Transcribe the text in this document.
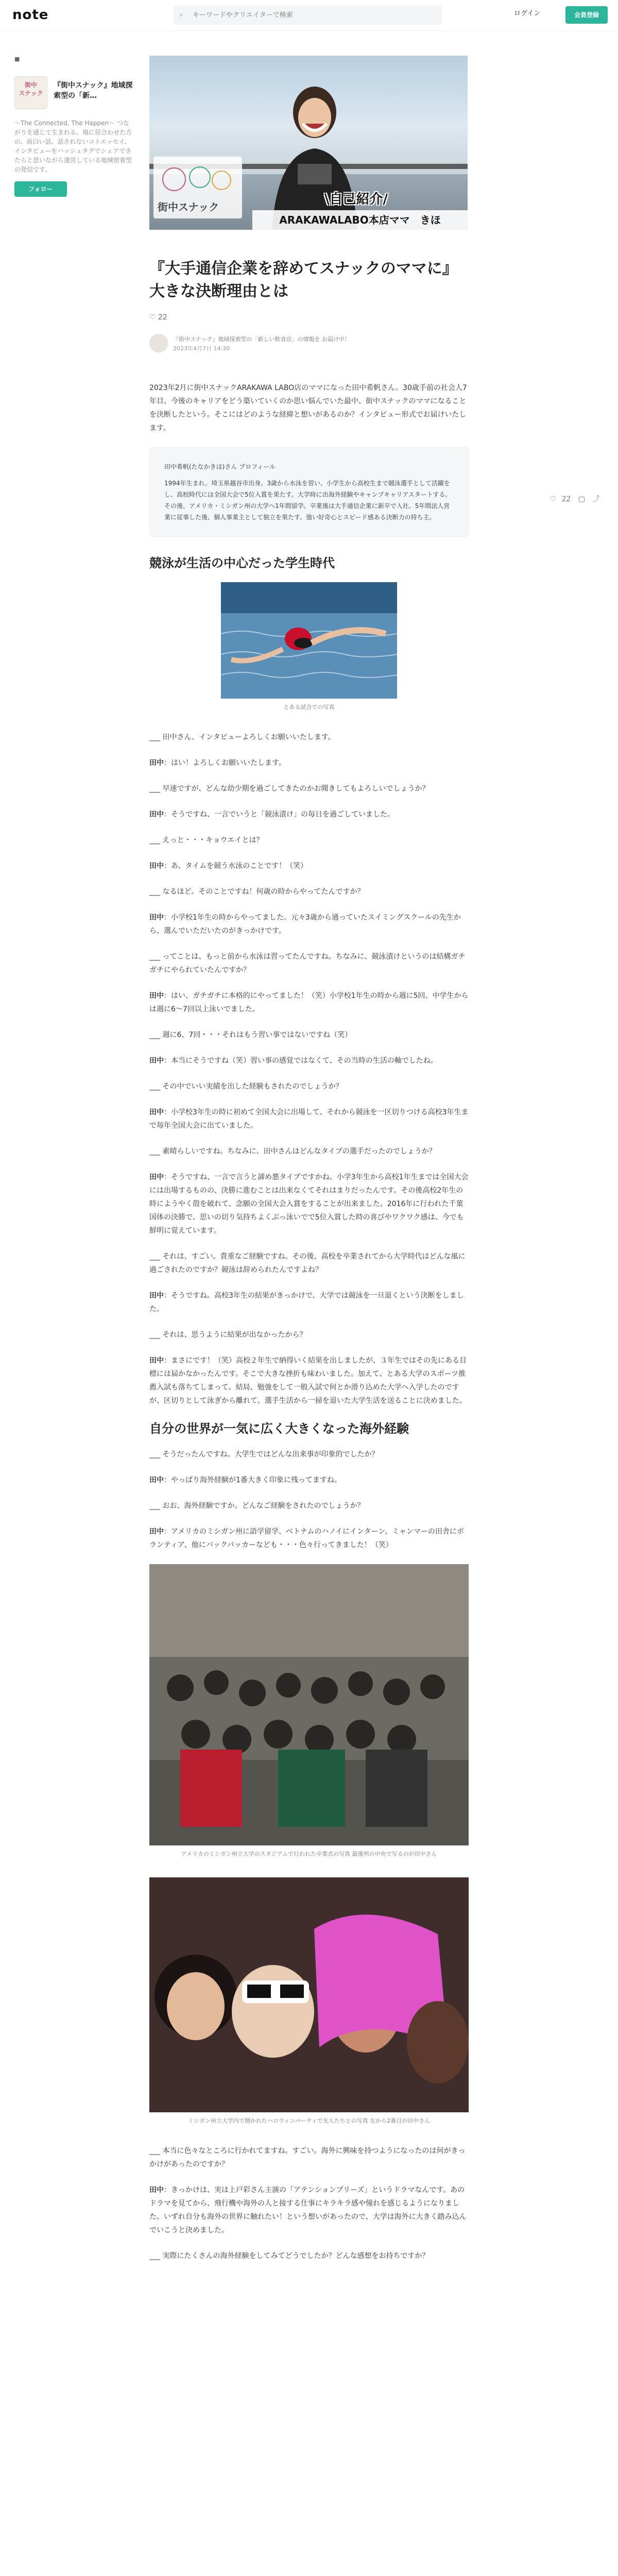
note	⌕
キーワードやクリエイターで検索	ログイン	会員登録
■
街中
スナック
『街中スナック』地域探索型の「新…
〜The Connected, The Happen〜 つながりを通じて生まれる、場に居合わせた方の、面白い話、話されないコトエッセイ、インタビューをハッシュタグでシェアできたらと思いながら運営している地域密着型の発信です。
フォロー
街中スナック	\自己紹介/
ARAKAWALABO本店ママ　きほ
『大手通信企業を辞めてスナックのママに』大きな決断理由とは
♡ 22
『街中スナック』地域探索型の「新しい飲食店」の情報を お届け中！
2023年4月7日 14:30
♡ 22 ▢ ⤴

2023年2月に街中スナックARAKAWA LABO店のママになった田中希帆さん。30歳手前の社会人7年目、今後のキャリアをどう築いていくのか思い悩んでいた最中、街中スナックのママになることを決断したという。そこにはどのような経緯と想いがあるのか？インタビュー形式でお届けいたします。

田中希帆(たなかきほ)さん プロフィール

1994年生まれ。埼玉県越谷市出身。3歳から水泳を習い、小学生から高校生まで競泳選手として活躍をし、高校時代には全国大会で5位入賞を果たす。大学時に出海外経験やキャンプキャリアスタートする。その後、アメリカ・ミシガン州の大学へ1年間留学。卒業後は大手通信企業に新卒で入社。5年間法人営業に従事した後、個人事業主として独立を果たす。強い好奇心とスピード感ある決断力の持ち主。

競泳が生活の中心だった学生時代
とある試合での写真

___ 田中さん、インタビューよろしくお願いいたします。

田中：はい！よろしくお願いいたします。

___ 早速ですが、どんな幼少期を過ごしてきたのかお聞きしてもよろしいでしょうか？

田中：そうですね、一言でいうと「競泳漬け」の毎日を過ごしていました。

___ えっと・・・キョウエイとは？

田中：あ、タイムを競う水泳のことです！（笑）

___ なるほど。そのことですね！何歳の時からやってたんですか？

田中：小学校1年生の時からやってました。元々3歳から通っていたスイミングスクールの先生から、選んでいただいたのがきっかけです。

___ ってことは、もっと前から水泳は習ってたんですね。ちなみに、競泳漬けというのは結構ガチガチにやられていたんですか？

田中：はい、ガチガチに本格的にやってました！（笑）小学校1年生の時から週に5回、中学生からは週に6〜7回以上泳いでました。

___ 週に6、7回・・・それはもう習い事ではないですね（笑）

田中：本当にそうですね（笑）習い事の感覚ではなくて、その当時の生活の軸でしたね。

___ その中でいい実績を出した経験もされたのでしょうか？

田中：小学校3年生の時に初めて全国大会に出場して、それから競泳を一区切りつける高校3年生まで毎年全国大会に出ていました。

___ 素晴らしいですね。ちなみに、田中さんはどんなタイプの選手だったのでしょうか？

田中：そうですね、一言で言うと諦め悪タイプですかね。小学3年生から高校1年生までは全国大会には出場するものの、決勝に進むことは出来なくてそれはまりだったんです。その後高校2年生の時にようやく殻を破れて、念願の全国大会入賞をすることが出来ました。2016年に行われた千葉国体の決勝で、思いの切り気持ちよくぶっ泳いでで5位入賞した時の喜びやワクワク感は、今でも鮮明に覚えています。

___ それは、すごい。貴重なご経験ですね。その後、高校を卒業されてから大学時代はどんな風に過ごされたのですか？競泳は辞められたんですよね？

田中：そうですね。高校3年生の結果がきっかけで、大学では競泳を一旦退くという決断をしました。

___ それは、思うように結果が出なかったから？

田中：まさにです！（笑）高校２年生で納得いく結果を出しましたが、３年生ではその先にある目標には届かなかったんです。そこで大きな挫折も味わいました。加えて、とある大学のスポーツ推薦入試も落ちてしまって。結局、勉強をして一般入試で何とか滑り込めた大学へ入学したのですが、区切りとして泳ぎから離れて、選手生活から一掃を退いた大学生活を送ることに決めました。

自分の世界が一気に広く大きくなった海外経験

___ そうだったんですね。大学生ではどんな出来事が印象的でしたか？

田中：やっぱり海外経験が1番大きく印象に残ってますね。

___ おお、海外経験ですか。どんなご経験をされたのでしょうか？

田中：アメリカのミシガン州に語学留学、ベトナムのハノイにインターン、ミャンマーの田舎にボランティア、他にバックパッカーなども・・・色々行ってきました！（笑）

アメリカのミシガン州立大学のスタジアムで行われた卒業式の写真 最後列の中央で写るのが田中さん
ミシガン州立大学内で開かれたハロウィンパーティで友人たちとの写真 左から2番目が田中さん

___ 本当に色々なところに行かれてますね。すごい。海外に興味を持つようになったのは何がきっかけがあったのですか？

田中：きっかけは、実は上戸彩さん主演の「アテンションプリーズ」というドラマなんです。あのドラマを見てから、飛行機や海外の人と接する仕事にキラキラ感や憧れを感じるようになりました。いずれ自分も海外の世界に触れたい！という想いがあったので、大学は海外に大きく踏み込んでいこうと決めました。

___ 実際にたくさんの海外経験をしてみてどうでしたか？どんな感想をお持ちですか？
